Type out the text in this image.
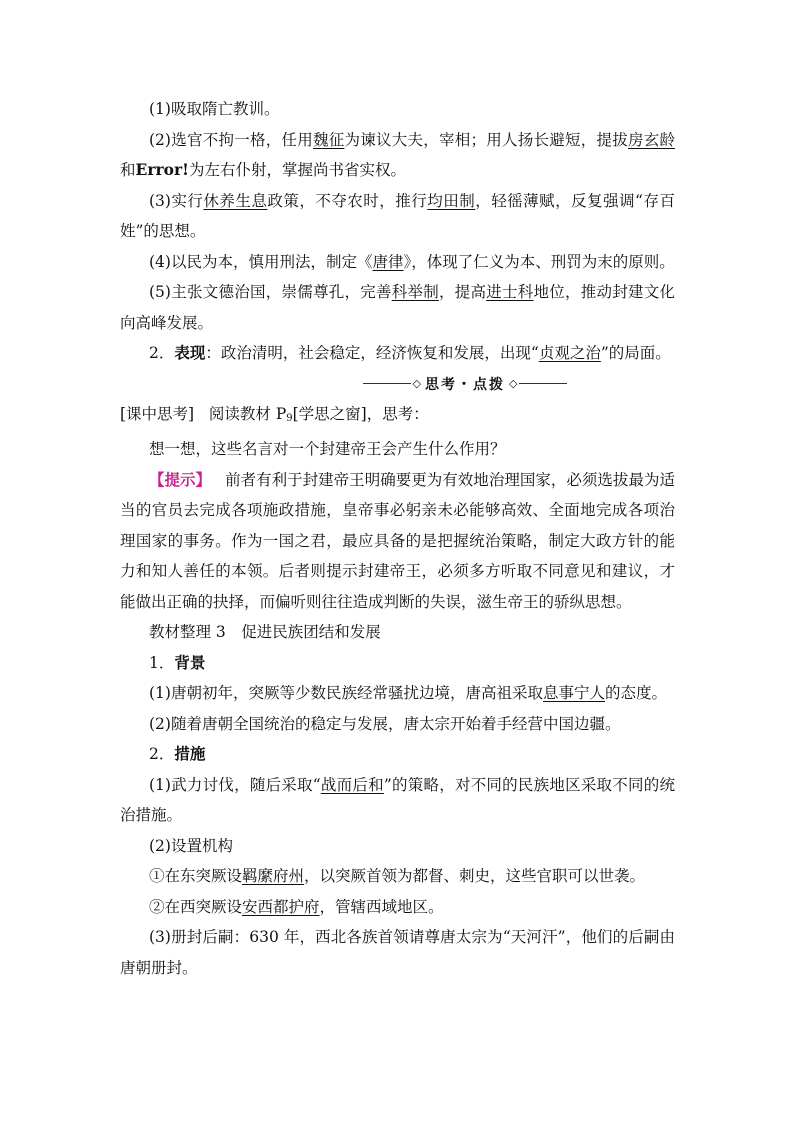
(1)吸取隋亡教训。

(2)选官不拘一格，任用魏征为谏议大夫，宰相；用人扬长避短，提拔房玄龄和Error!为左右仆射，掌握尚书省实权。

(3)实行休养生息政策，不夺农时，推行均田制，轻徭薄赋，反复强调“存百姓”的思想。

(4)以民为本，慎用刑法，制定《唐律》，体现了仁义为本、刑罚为末的原则。

(5)主张文德治国，崇儒尊孔，完善科举制，提高进士科地位，推动封建文化向高峰发展。

2．表现：政治清明，社会稳定，经济恢复和发展，出现“贞观之治”的局面。

◇ 思考・点拨 ◇

[课中思考] 阅读教材 $P_9$[学思之窗]，思考：

想一想，这些名言对一个封建帝王会产生什么作用？

【提示】 前者有利于封建帝王明确要更为有效地治理国家，必须选拔最为适当的官员去完成各项施政措施，皇帝事必躬亲未必能够高效、全面地完成各项治理国家的事务。作为一国之君，最应具备的是把握统治策略，制定大政方针的能力和知人善任的本领。后者则提示封建帝王，必须多方听取不同意见和建议，才能做出正确的抉择，而偏听则往往造成判断的失误，滋生帝王的骄纵思想。

教材整理 3　促进民族团结和发展

1．背景

(1)唐朝初年，突厥等少数民族经常骚扰边境，唐高祖采取息事宁人的态度。

(2)随着唐朝全国统治的稳定与发展，唐太宗开始着手经营中国边疆。

2．措施

(1)武力讨伐，随后采取“战而后和”的策略，对不同的民族地区采取不同的统治措施。

(2)设置机构

①在东突厥设羁縻府州，以突厥首领为都督、刺史，这些官职可以世袭。

②在西突厥设安西都护府，管辖西域地区。

(3)册封后嗣：630 年，西北各族首领请尊唐太宗为“天河汗”，他们的后嗣由唐朝册封。
